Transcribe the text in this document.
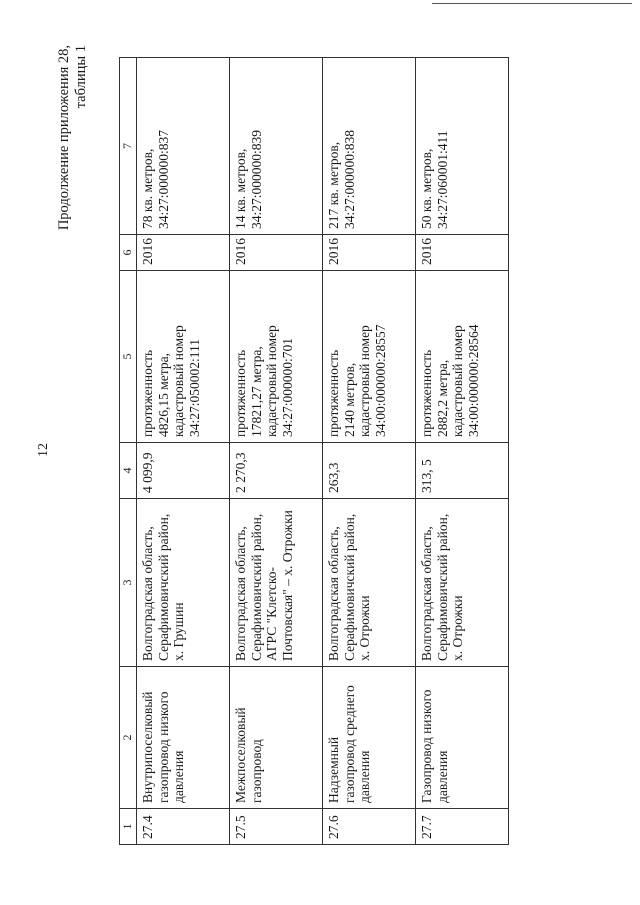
12
Продолжение приложения 28, таблицы 1
1	2	3	4	5	6	7
27.4	Внутрипоселковый газопровод низкого давления	Волгоградская область, Серафимовичский район, х. Грушин	4 099,9	протяженность 4826,15 метра, кадастровый номер 34:27:050002:111	2016	78 кв. метров, 34:27:000000:837

27.5	Межпоселковый газопровод	Волгоградская область, Серафимовичский район, АГРС "Клетско-Почтовская" – х. Отрожки	2 270,3	протяженность 17821,27 метра, кадастровый номер 34:27:000000:701	2016	14 кв. метров, 34:27:000000:839

27.6	Надземный газопровод среднего давления	Волгоградская область, Серафимовичский район, х. Отрожки	263,3	протяженность 2140 метров, кадастровый номер 34:00:000000:28557	2016	217 кв. метров, 34:27:000000:838

27.7	Газопровод низкого давления	Волгоградская область, Серафимовичский район, х. Отрожки	313, 5	протяженность 2882,2 метра, кадастровый номер 34:00:000000:28564	2016	50 кв. метров, 34:27:060001:411
